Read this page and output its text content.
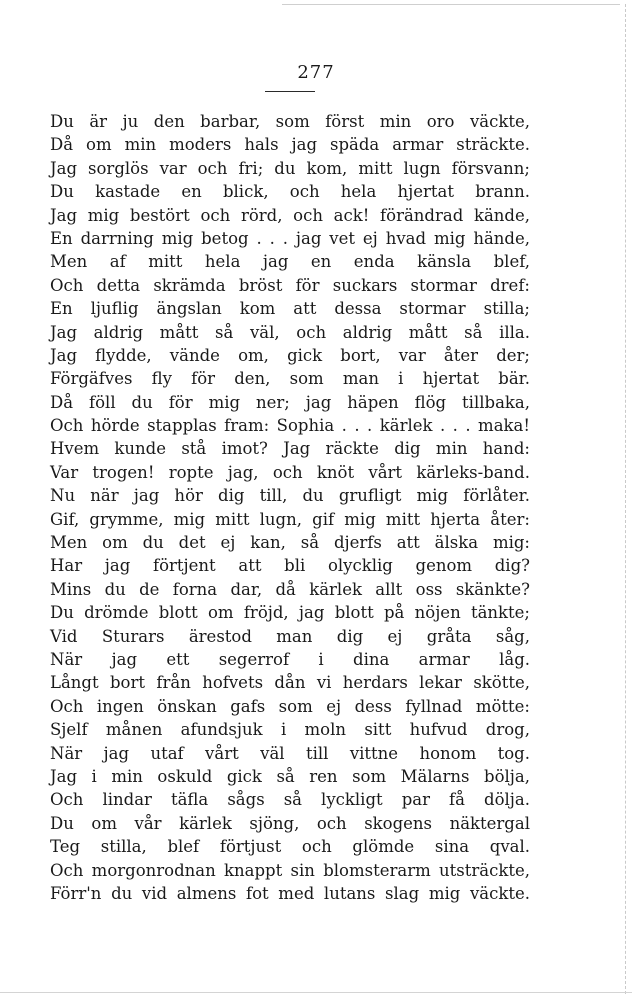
277
Du är ju den barbar, som först min oro väckte,
Då om min moders hals jag späda armar sträckte.
Jag sorglös var och fri; du kom, mitt lugn försvann;
Du kastade en blick, och hela hjertat brann.
Jag mig bestört och rörd, och ack! förändrad kände,
En darrning mig betog . . . jag vet ej hvad mig hände,
Men af mitt hela jag en enda känsla blef,
Och detta skrämda bröst för suckars stormar dref:
En ljuflig ängslan kom att dessa stormar stilla;
Jag aldrig mått så väl, och aldrig mått så illa.
Jag flydde, vände om, gick bort, var åter der;
Förgäfves fly för den, som man i hjertat bär.
Då föll du för mig ner; jag häpen flög tillbaka,
Och hörde stapplas fram: Sophia . . . kärlek . . . maka!
Hvem kunde stå imot? Jag räckte dig min hand:
Var trogen! ropte jag, och knöt vårt kärleks-band.
Nu när jag hör dig till, du grufligt mig förlåter.
Gif, grymme, mig mitt lugn, gif mig mitt hjerta åter:
Men om du det ej kan, så djerfs att älska mig:
Har jag förtjent att bli olycklig genom dig?
Mins du de forna dar, då kärlek allt oss skänkte?
Du drömde blott om fröjd, jag blott på nöjen tänkte;
Vid Sturars ärestod man dig ej gråta såg,
När jag ett segerrof i dina armar låg.
Långt bort från hofvets dån vi herdars lekar skötte,
Och ingen önskan gafs som ej dess fyllnad mötte:
Sjelf månen afundsjuk i moln sitt hufvud drog,
När jag utaf vårt väl till vittne honom tog.
Jag i min oskuld gick så ren som Mälarns bölja,
Och lindar täfla sågs så lyckligt par få dölja.
Du om vår kärlek sjöng, och skogens näktergal
Teg stilla, blef förtjust och glömde sina qval.
Och morgonrodnan knappt sin blomsterarm utsträckte,
Förr'n du vid almens fot med lutans slag mig väckte.
